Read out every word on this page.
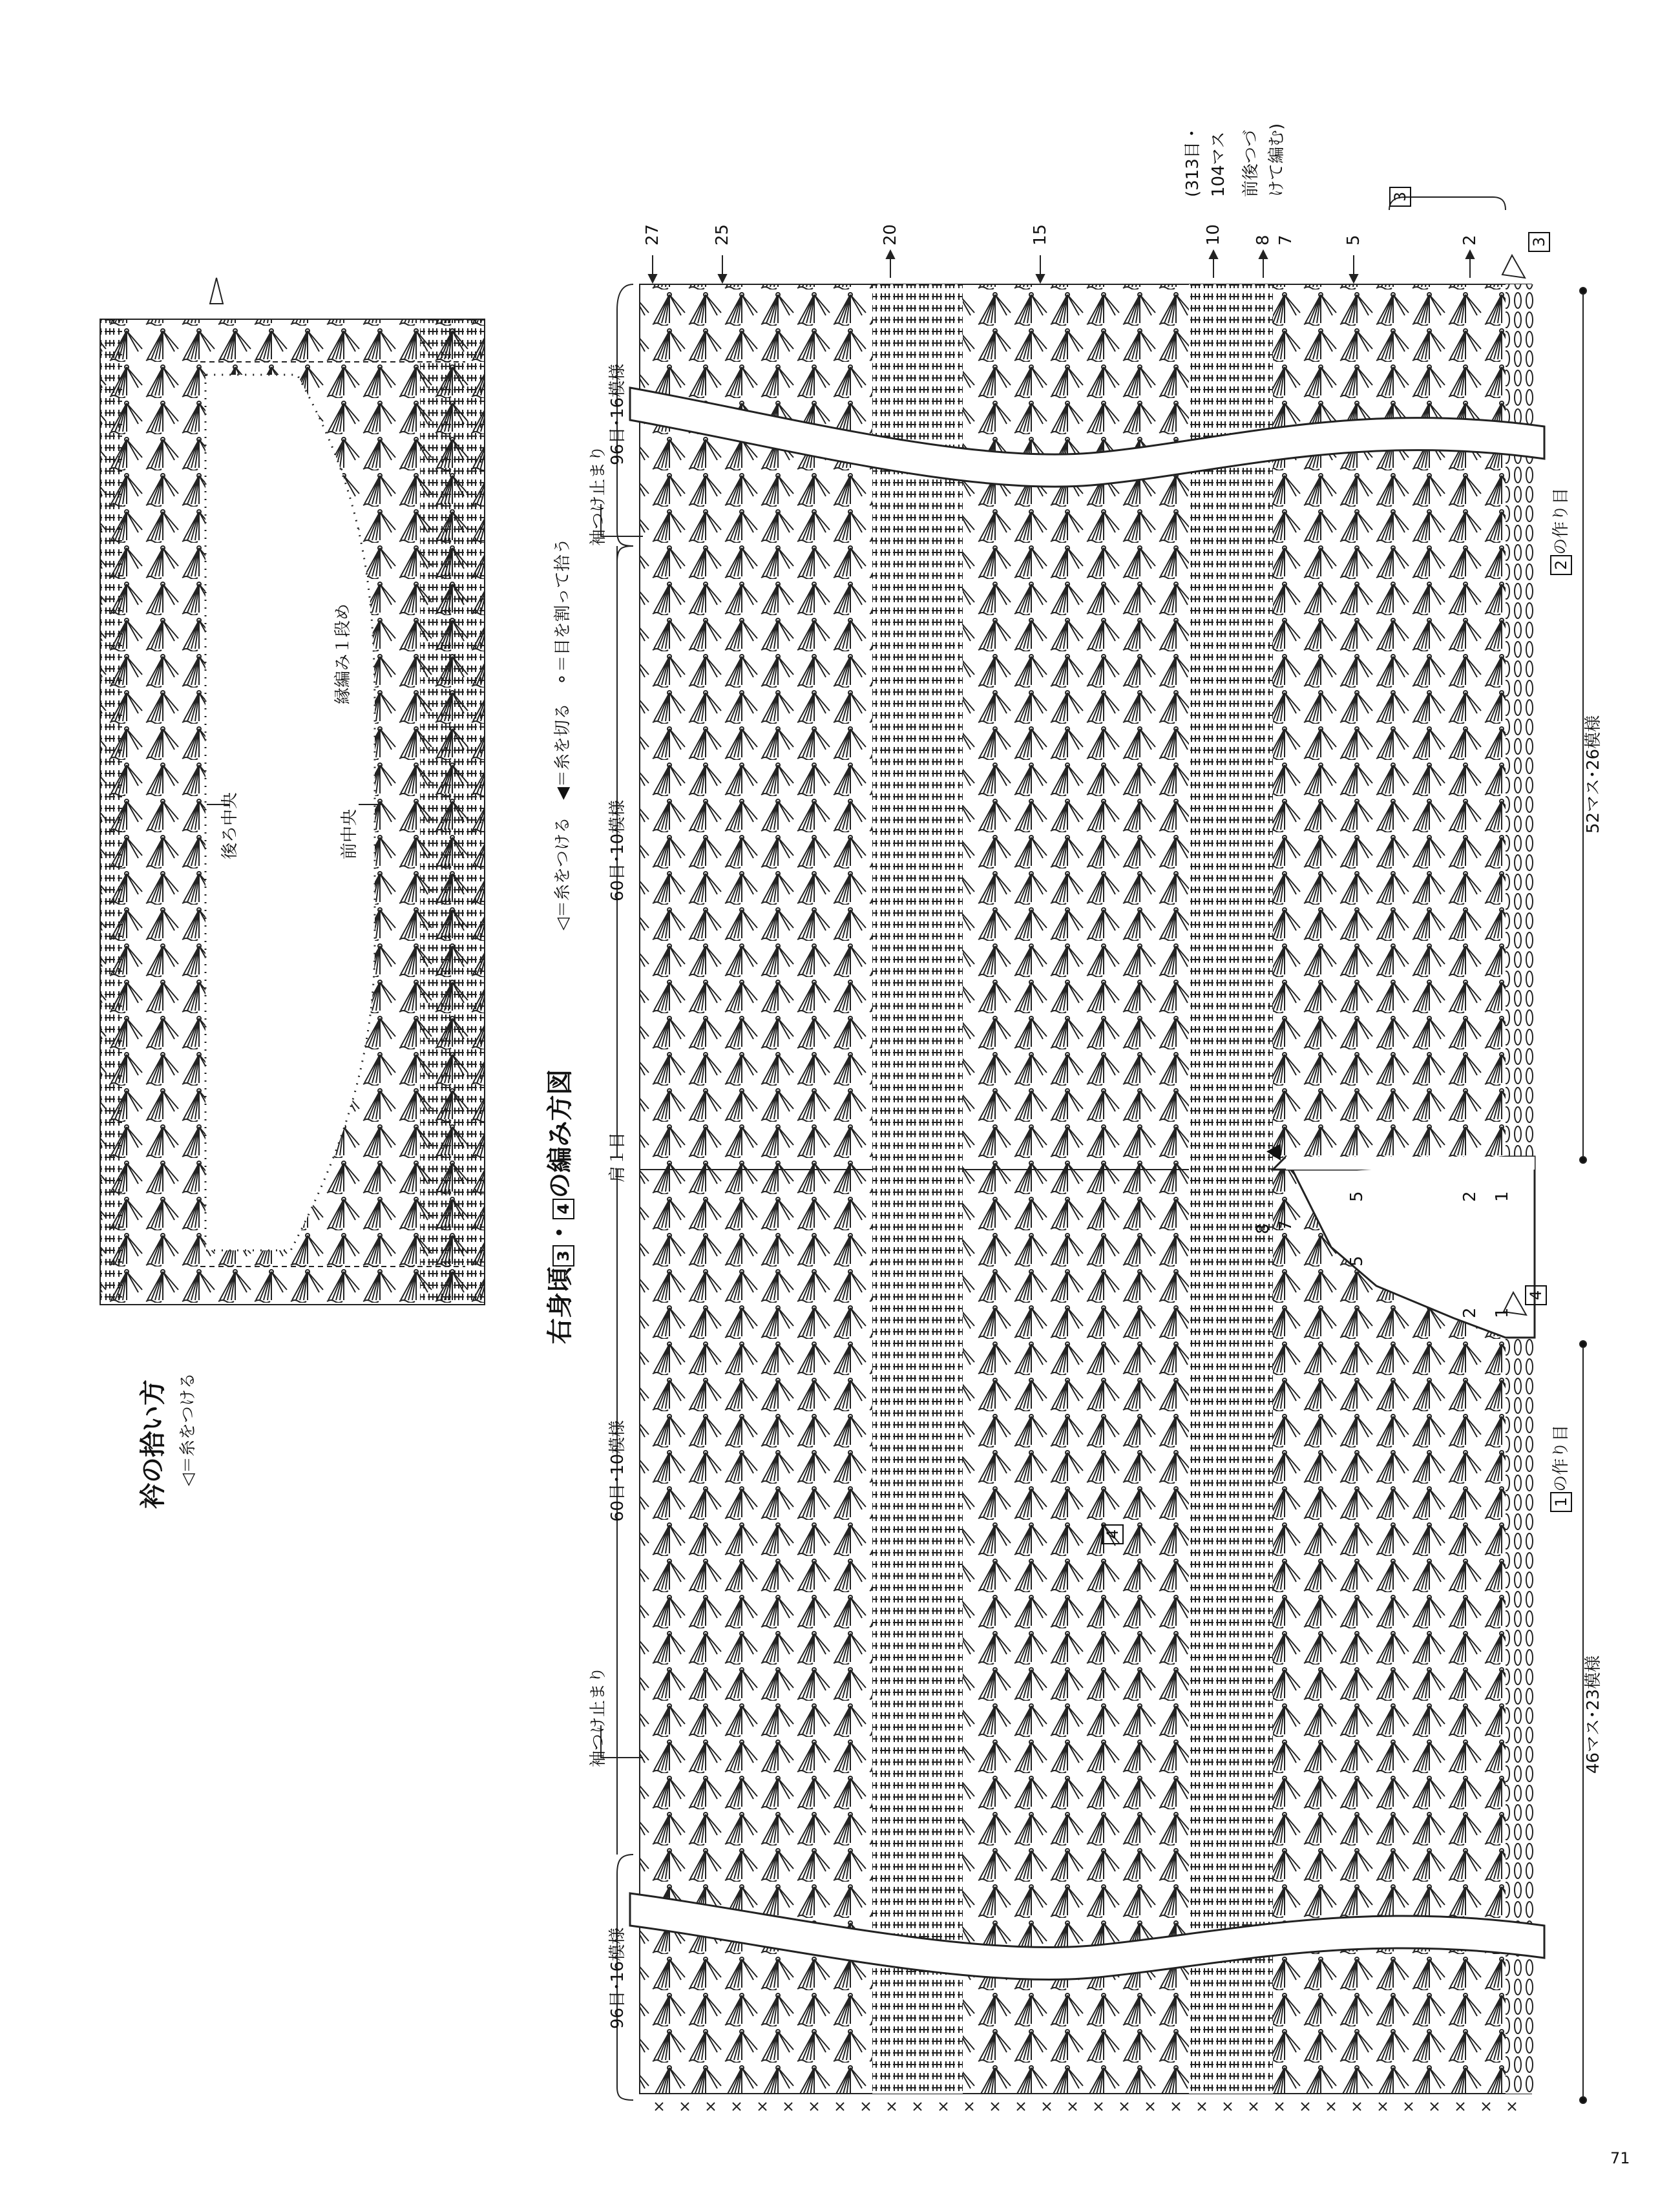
衿の拾い方 ◁＝糸をつける
後ろ中央	前中央
縁編み１段め
右身頃3・4の編み方図
◁＝糸をつける　◀＝糸を切る　⚬＝目を割って拾う
96目･16模様
袖つけ止まり
60目･10模様
肩１目
60目･10模様
袖つけ止まり
96目･16模様
52マス･26模様
46マス･23模様
2の作り目
1の作り目
3
3
4
4
(313目・ 104マス 前後つづ けて編む)
27	25	20	15	10 8 7	5	2
5	2 1
8 7
5
2 1
71
